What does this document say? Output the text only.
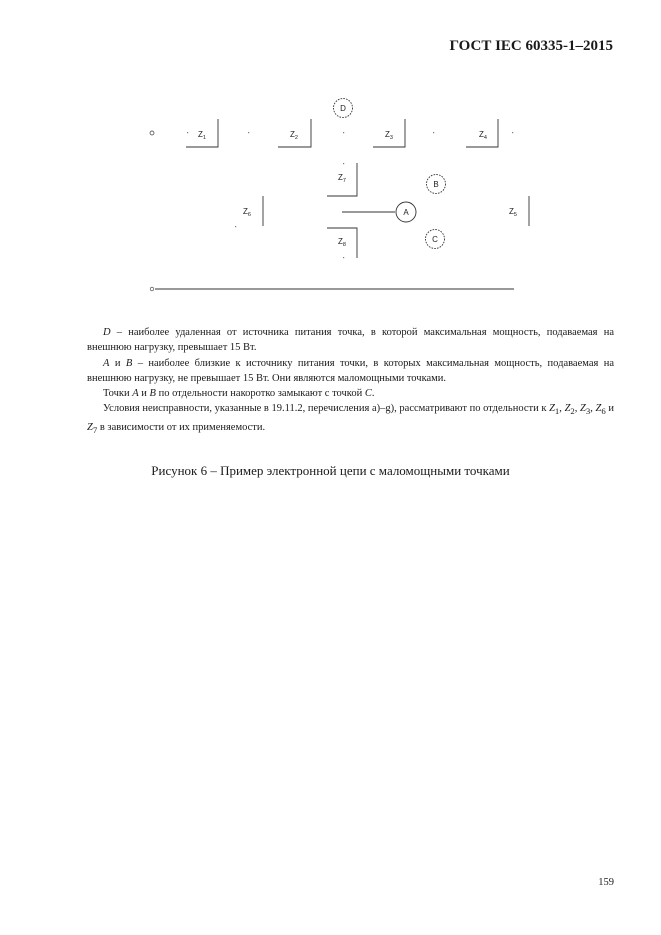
ГОСТ IEC 60335-1–2015
D
A
B
C
$Z_1$	$Z_2$	$Z_3$	$Z_4$
$Z_7$
$Z_8$
$Z_6$	$Z_5$

D – наиболее удаленная от источника питания точка, в которой максимальная мощность, подаваемая на внешнюю нагрузку, превышает 15 Вт.

A и B – наиболее близкие к источнику питания точки, в которых максимальная мощность, подаваемая на внешнюю нагрузку, не превышает 15 Вт. Они являются маломощными точками.

Точки A и B по отдельности накоротко замыкают с точкой C.

Условия неисправности, указанные в 19.11.2, перечисления а)–g), рассматривают по отдельности к $Z_1$, $Z_2$, $Z_3$, $Z_6$ и $Z_7$ в зависимости от их применяемости.

Рисунок 6 – Пример электронной цепи с маломощными точками
159
